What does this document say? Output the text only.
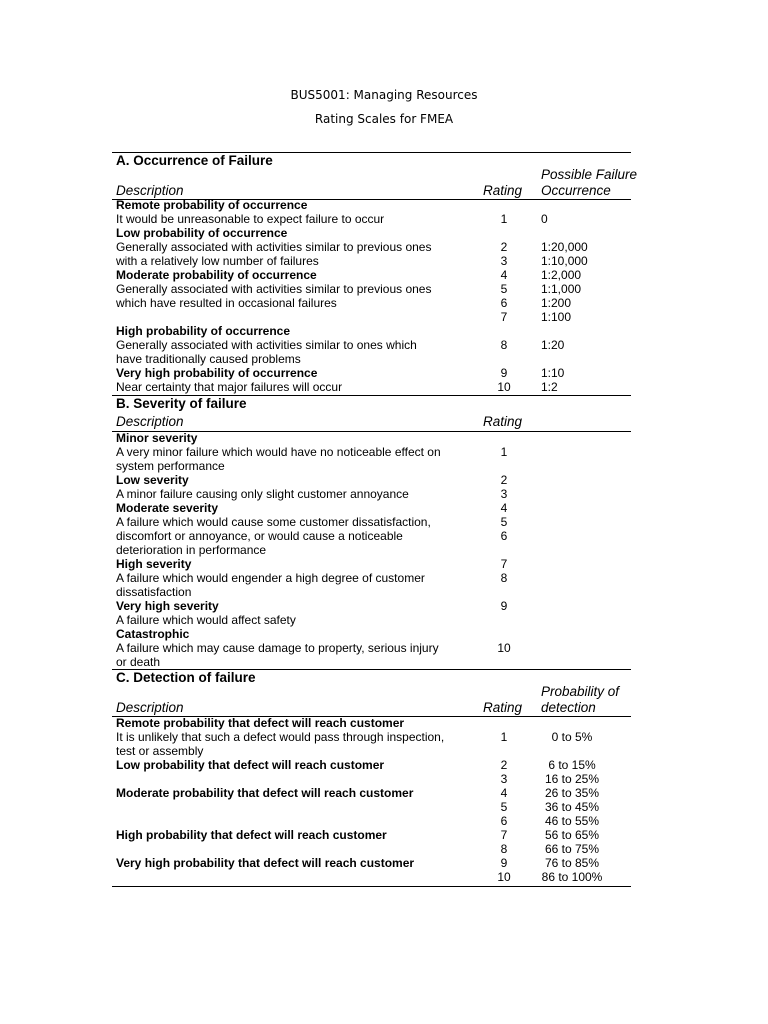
BUS5001: Managing Resources
Rating Scales for FMEA
A. Occurrence of Failure
Description	Rating
Possible Failure
Occurrence
Remote probability of occurrence
It would be unreasonable to expect failure to occur	1	0
Low probability of occurrence
Generally associated with activities similar to previous ones	2	1:20,000
with a relatively low number of failures	3	1:10,000
Moderate probability of occurrence	4	1:2,000
Generally associated with activities similar to previous ones	5	1:1,000
which have resulted in occasional failures	6	1:200
7	1:100
High probability of occurrence
Generally associated with activities similar to ones which	8	1:20
have traditionally caused problems
Very high probability of occurrence	9	1:10
Near certainty that major failures will occur	10	1:2
B. Severity of failure
Description	Rating
Minor severity
A very minor failure which would have no noticeable effect on	1
system performance
Low severity	2
A minor failure causing only slight customer annoyance	3
Moderate severity	4
A failure which would cause some customer dissatisfaction,	5
discomfort or annoyance, or would cause a noticeable	6
deterioration in performance
High severity	7
A failure which would engender a high degree of customer	8
dissatisfaction
Very high severity	9
A failure which would affect safety
Catastrophic
A failure which may cause damage to property, serious injury	10
or death
C. Detection of failure
Description	Rating
Probability of
detection
Remote probability that defect will reach customer
It is unlikely that such a defect would pass through inspection,	1	0 to 5%
test or assembly
Low probability that defect will reach customer	2	6 to 15%
3	16 to 25%
Moderate probability that defect will reach customer	4	26 to 35%
5	36 to 45%
6	46 to 55%
High probability that defect will reach customer	7	56 to 65%
8	66 to 75%
Very high probability that defect will reach customer	9	76 to 85%
10	86 to 100%
